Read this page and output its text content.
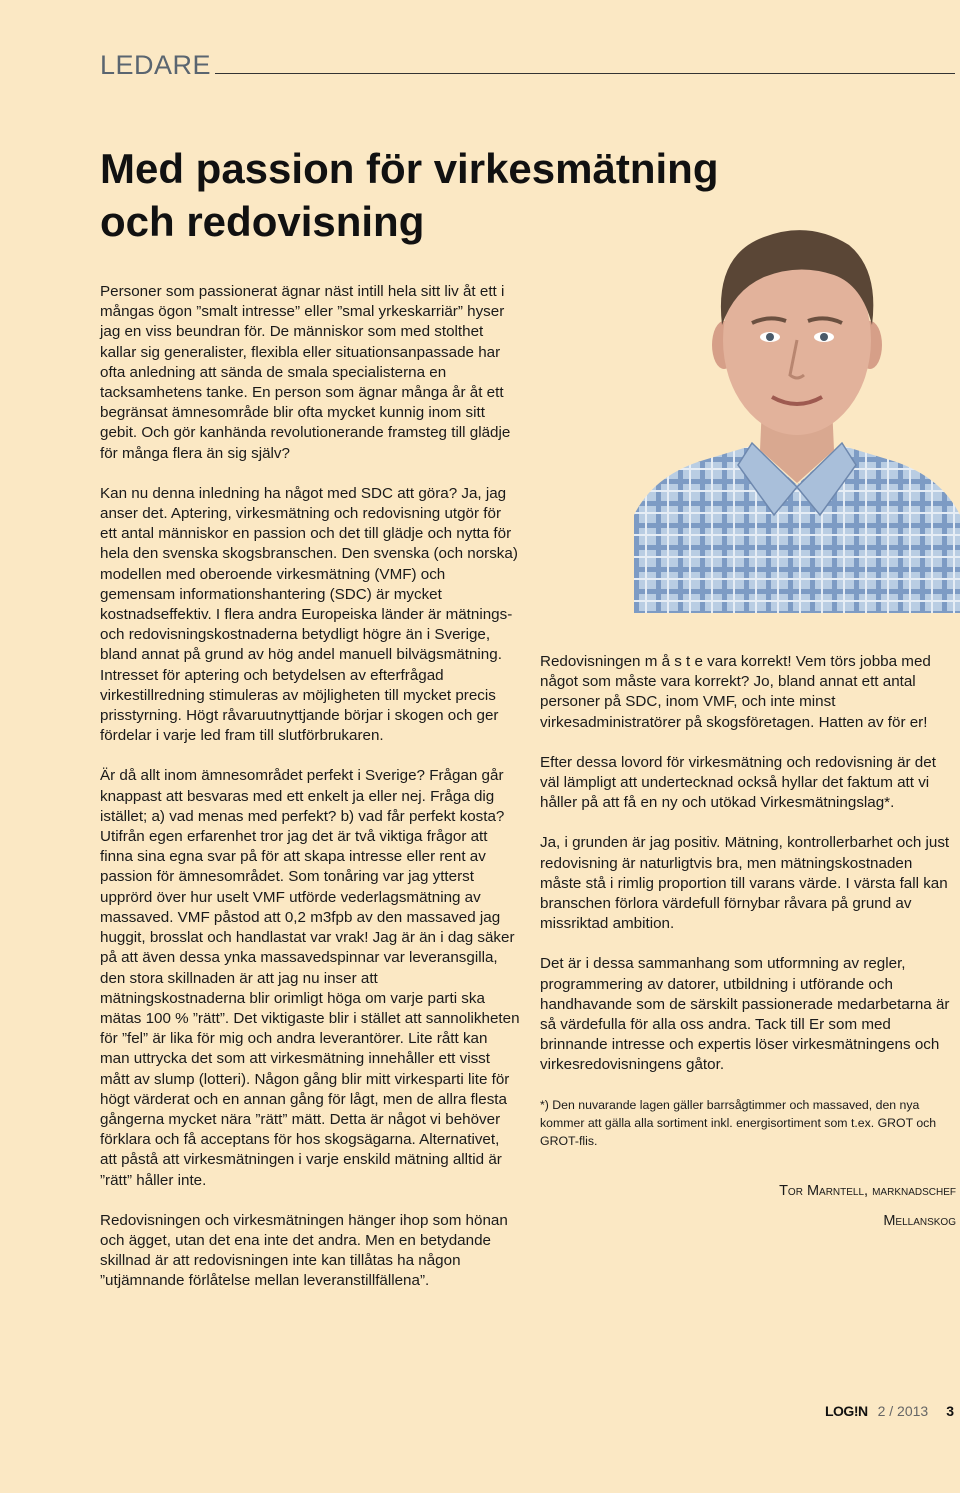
LEDARE
Med passion för virkesmätning
och redovisning

Personer som passionerat ägnar näst intill hela sitt liv åt ett i mångas ögon ”smalt intresse” eller ”smal yrkeskarriär” hyser jag en viss beundran för. De människor som med stolthet kallar sig generalister, flexibla eller situationsanpassade har ofta anledning att sända de smala specialisterna en tacksamhetens tanke. En person som ägnar många år åt ett begränsat ämnesområde blir ofta mycket kunnig inom sitt gebit. Och gör kanhända revolutionerande framsteg till glädje för många flera än sig själv?

Kan nu denna inledning ha något med SDC att göra? Ja, jag anser det. Aptering, virkesmätning och redovisning utgör för ett antal människor en passion och det till glädje och nytta för hela den svenska skogsbranschen. Den svenska (och norska) modellen med oberoende virkesmätning (VMF) och gemensam informationshantering (SDC) är mycket kostnadseffektiv. I flera andra Europeiska länder är mätnings- och redovisningskostnaderna betydligt högre än i Sverige, bland annat på grund av hög andel manuell bilvägsmätning. Intresset för aptering och betydelsen av efterfrågad virkestillredning stimuleras av möjligheten till mycket precis prisstyrning. Högt råvaruutnyttjande börjar i skogen och ger fördelar i varje led fram till slutförbrukaren.

Är då allt inom ämnesområdet perfekt i Sverige? Frågan går knappast att besvaras med ett enkelt ja eller nej. Fråga dig istället; a) vad menas med perfekt? b) vad får perfekt kosta? Utifrån egen erfarenhet tror jag det är två viktiga frågor att finna sina egna svar på för att skapa intresse eller rent av passion för ämnesområdet. Som tonåring var jag ytterst upprörd över hur uselt VMF utförde vederlagsmätning av massaved. VMF påstod att 0,2 m3fpb av den massaved jag huggit, brosslat och handlastat var vrak! Jag är än i dag säker på att även dessa ynka massavedspinnar var leveransgilla, den stora skillnaden är att jag nu inser att mätningskostnaderna blir orimligt höga om varje parti ska mätas 100 % ”rätt”. Det viktigaste blir i stället att sannolikheten för ”fel” är lika för mig och andra leverantörer. Lite rått kan man uttrycka det som att virkesmätning innehåller ett visst mått av slump (lotteri). Någon gång blir mitt virkesparti lite för högt värderat och en annan gång för lågt, men de allra flesta gångerna mycket nära ”rätt” mätt. Detta är något vi behöver förklara och få acceptans för hos skogsägarna. Alternativet, att påstå att virkesmätningen i varje enskild mätning alltid är ”rätt” håller inte.

Redovisningen och virkesmätningen hänger ihop som hönan och ägget, utan det ena inte det andra. Men en betydande skillnad är att redovisningen inte kan tillåtas ha någon ”utjämnande förlåtelse mellan leveranstillfällena”.

Redovisningen m å s t e vara korrekt! Vem törs jobba med något som måste vara korrekt? Jo, bland annat ett antal personer på SDC, inom VMF, och inte minst virkesadministratörer på skogsföretagen. Hatten av för er!

Efter dessa lovord för virkesmätning och redovisning är det väl lämpligt att undertecknad också hyllar det faktum att vi håller på att få en ny och utökad Virkesmätningslag*.

Ja, i grunden är jag positiv. Mätning, kontrollerbarhet och just redovisning är naturligtvis bra, men mätningskostnaden måste stå i rimlig proportion till varans värde. I värsta fall kan branschen förlora värdefull förnybar råvara på grund av missriktad ambition.

Det är i dessa sammanhang som utformning av regler, programmering av datorer, utbildning i utförande och handhavande som de särskilt passionerade medarbetarna är så värdefulla för alla oss andra. Tack till Er som med brinnande intresse och expertis löser virkesmätningens och virkesredovisningens gåtor.

*) Den nuvarande lagen gäller barrsågtimmer och massaved, den nya kommer att gälla alla sortiment inkl. energisortiment som t.ex. GROT och GROT-flis.

Tor Marntell, marknadschef
Mellanskog
LOG!N 2 / 2013 3
